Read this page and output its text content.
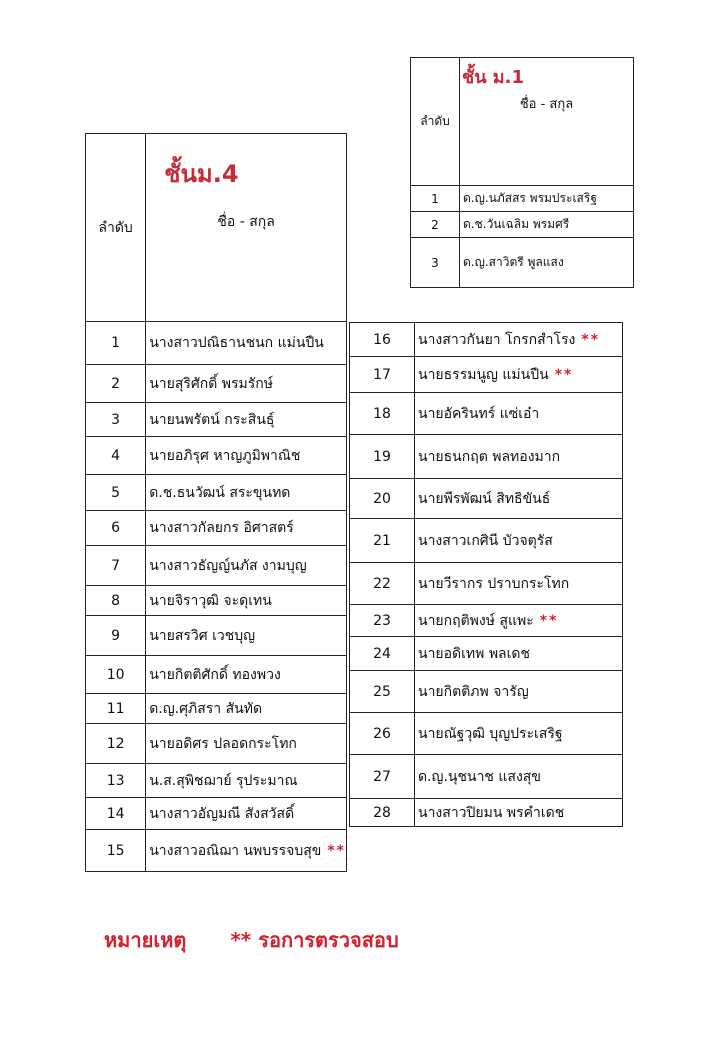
ลำดับ	ชั้น ม.1
ชื่อ - สกุล

1	ด.ญ.นภัสสร พรมประเสริฐ
2	ด.ช.วันเฉลิม พรมศรี
3	ด.ญ.สาวิตรี พูลแสง
ลำดับ	ชั้นม.4
ชื่อ - สกุล

1	นางสาวปณิธานชนก แม่นปืน
2	นายสุริศักดิ์ พรมรักษ์
3	นายนพรัตน์ กระสินธุ์
4	นายอภิรุศ หาญภูมิพาณิช
5	ด.ช.ธนวัฒน์ สระขุนทด
6	นางสาวกัลยกร อิศาสตร์
7	นางสาวธัญญ์นภัส งามบุญ
8	นายจิราวุฒิ จะดุเทน
9	นายสรวิศ เวชบุญ
10	นายกิตติศักดิ์ ทองพวง
11	ด.ญ.ศุภิสรา สันทัด
12	นายอดิศร ปลอดกระโทก
13	น.ส.สุพิชฌาย์ รุประมาณ
14	นางสาวอัญมณี สังสวัสดิ์
15	นางสาวอณิฌา นพบรรจบสุข **
16	นางสาวกันยา โกรกสำโรง **
17	นายธรรมนูญ แม่นปืน **
18	นายอัครินทร์ แซ่เอ๋า
19	นายธนกฤต พลทองมาก
20	นายพีรพัฒน์ สิทธิขันธ์
21	นางสาวเกศินี บัวจตุรัส
22	นายวีรากร ปราบกระโทก
23	นายกฤติพงษ์ สูแพะ **
24	นายอดิเทพ พลเดช
25	นายกิตติภพ จารัญ
26	นายณัฐวุฒิ บุญประเสริฐ
27	ด.ญ.นุชนาช แสงสุข
28	นางสาวปิยมน พรคำเดช
หมายเหตุ ** รอการตรวจสอบ
